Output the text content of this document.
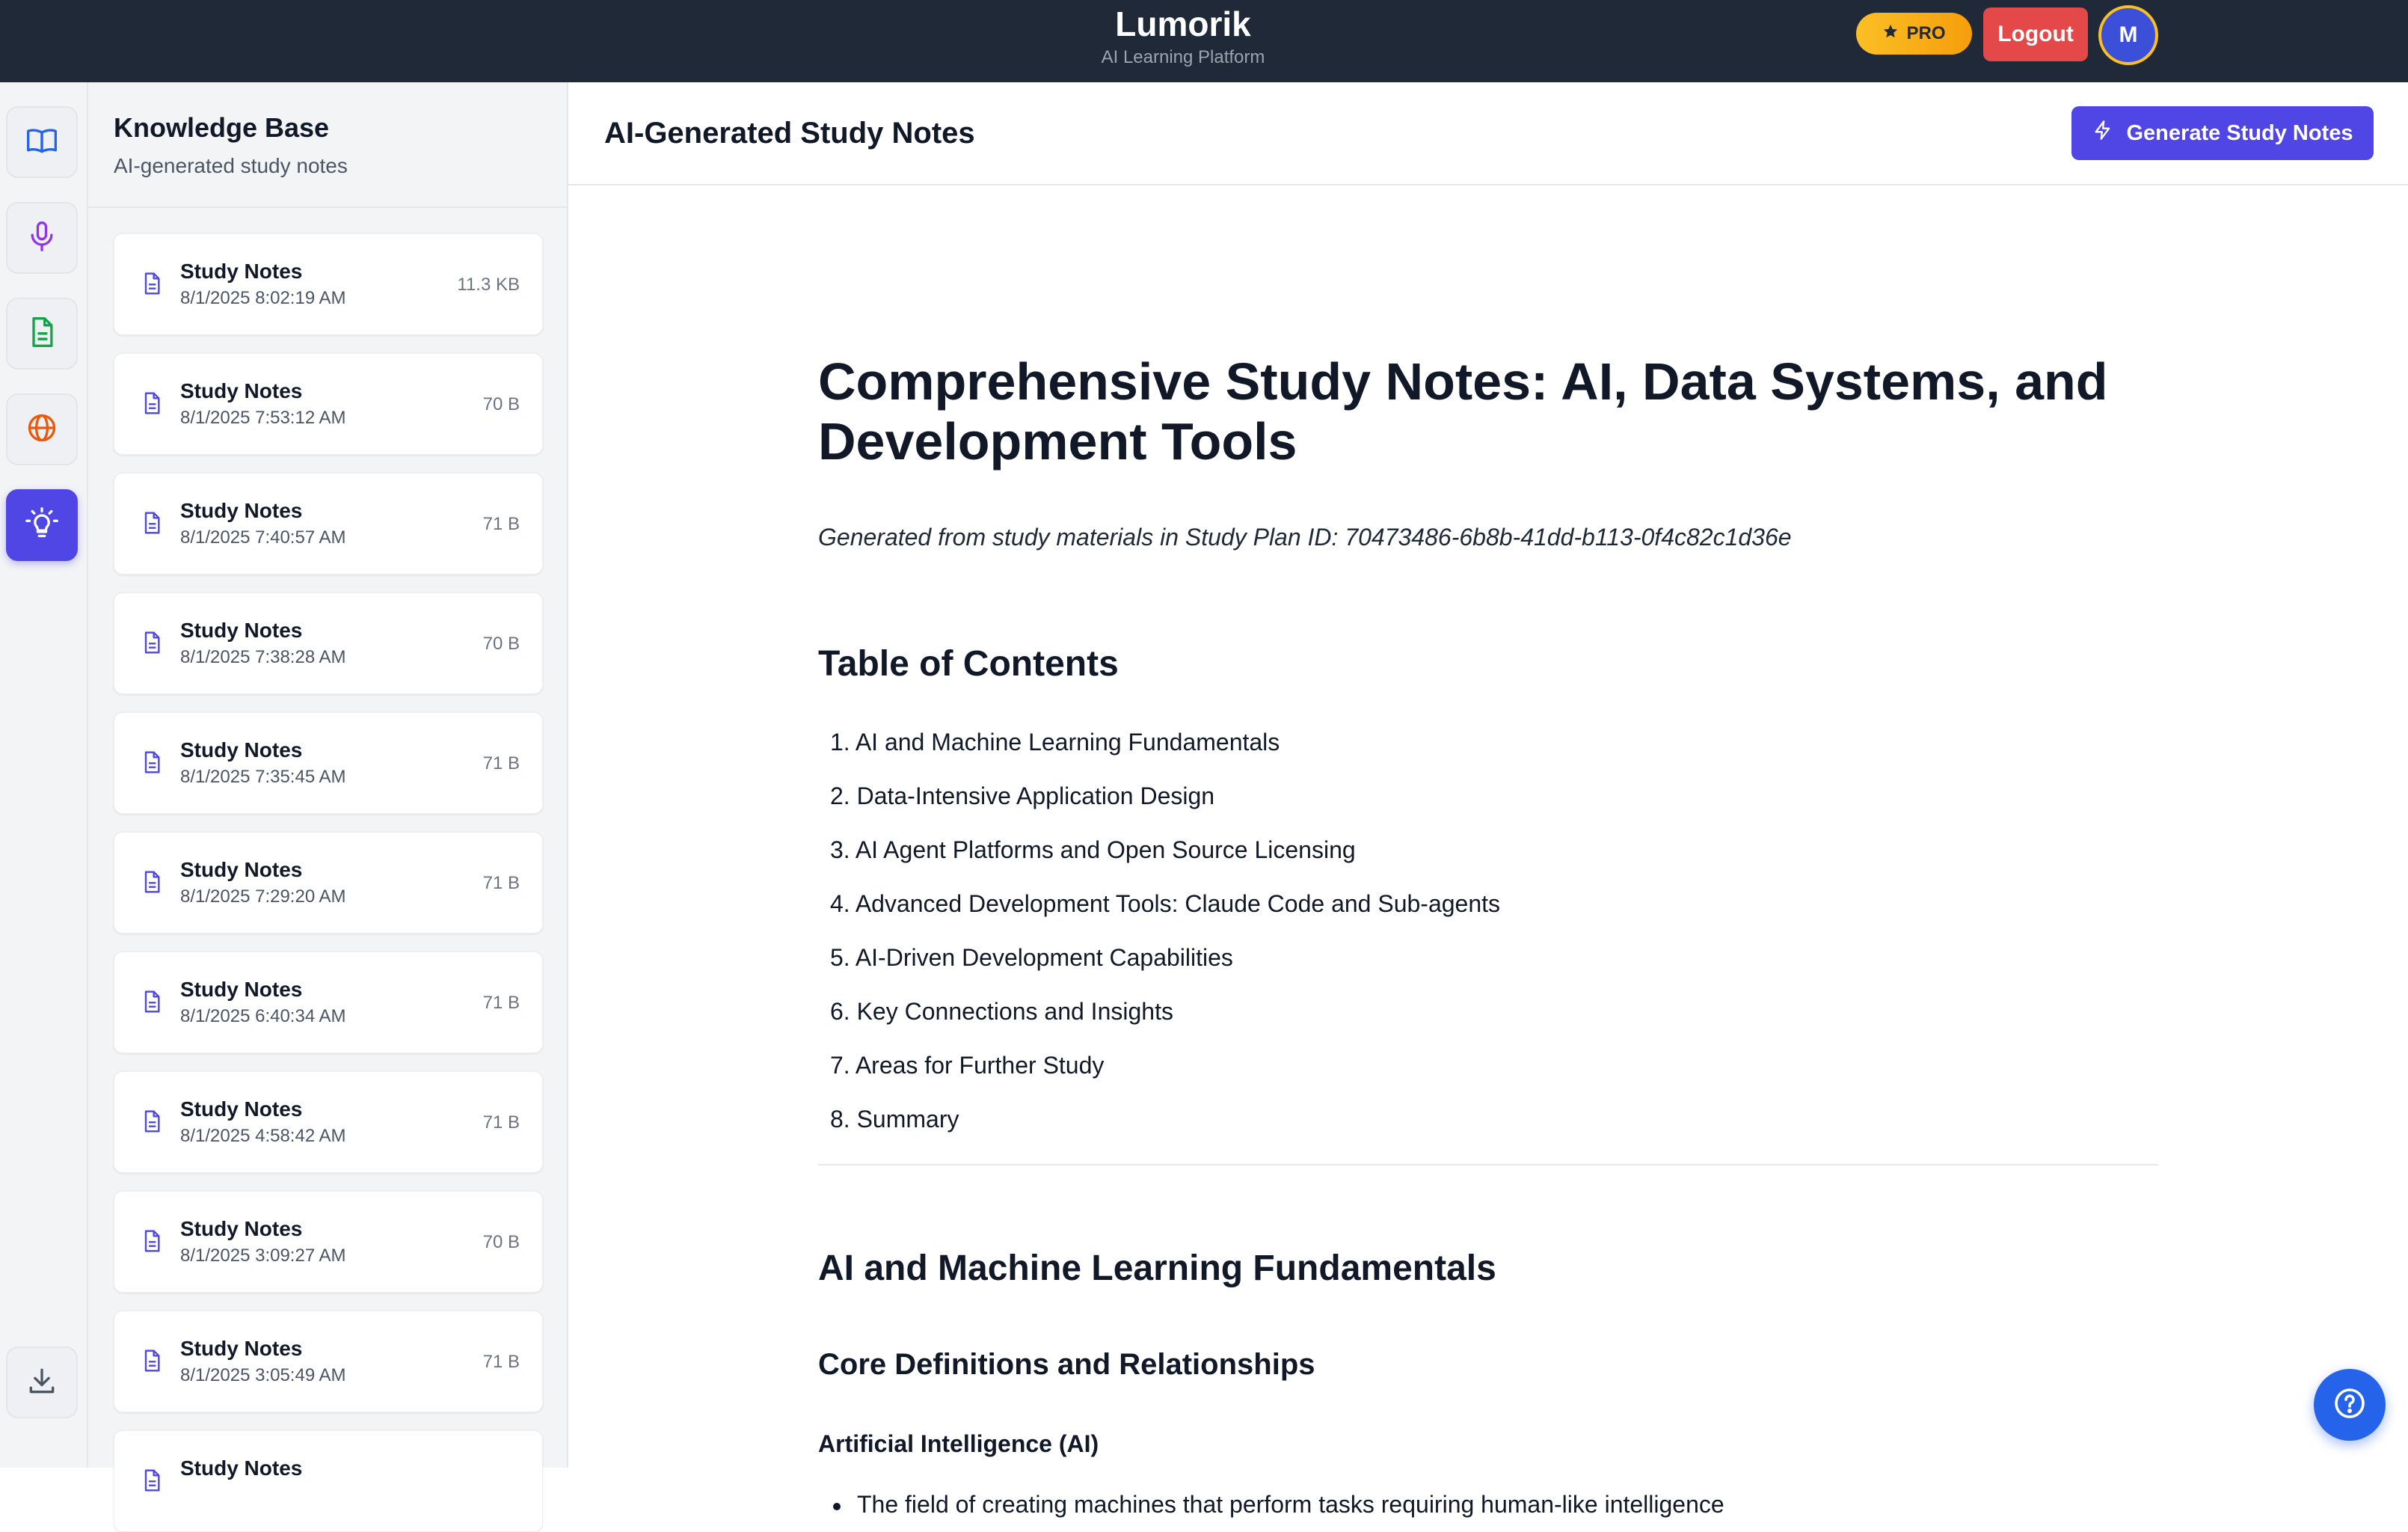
Lumorik
AI Learning Platform
PRO	Logout	M
Knowledge Base
AI-generated study notes
Study Notes
8/1/2025 8:02:19 AM
11.3 KB
Study Notes
8/1/2025 7:53:12 AM
70 B
Study Notes
8/1/2025 7:40:57 AM
71 B
Study Notes
8/1/2025 7:38:28 AM
70 B
Study Notes
8/1/2025 7:35:45 AM
71 B
Study Notes
8/1/2025 7:29:20 AM
71 B
Study Notes
8/1/2025 6:40:34 AM
71 B
Study Notes
8/1/2025 4:58:42 AM
71 B
Study Notes
8/1/2025 3:09:27 AM
70 B
Study Notes
8/1/2025 3:05:49 AM
71 B
Study Notes
AI-Generated Study Notes	Generate Study Notes
Comprehensive Study Notes: AI, Data Systems, and Development Tools

Generated from study materials in Study Plan ID: 70473486-6b8b-41dd-b113-0f4c82c1d36e

Table of Contents
1. AI and Machine Learning Fundamentals
2. Data-Intensive Application Design
3. AI Agent Platforms and Open Source Licensing
4. Advanced Development Tools: Claude Code and Sub-agents
5. AI-Driven Development Capabilities
6. Key Connections and Insights
7. Areas for Further Study
8. Summary
AI and Machine Learning Fundamentals
Core Definitions and Relationships
Artificial Intelligence (AI)
The field of creating machines that perform tasks requiring human-like intelligence
